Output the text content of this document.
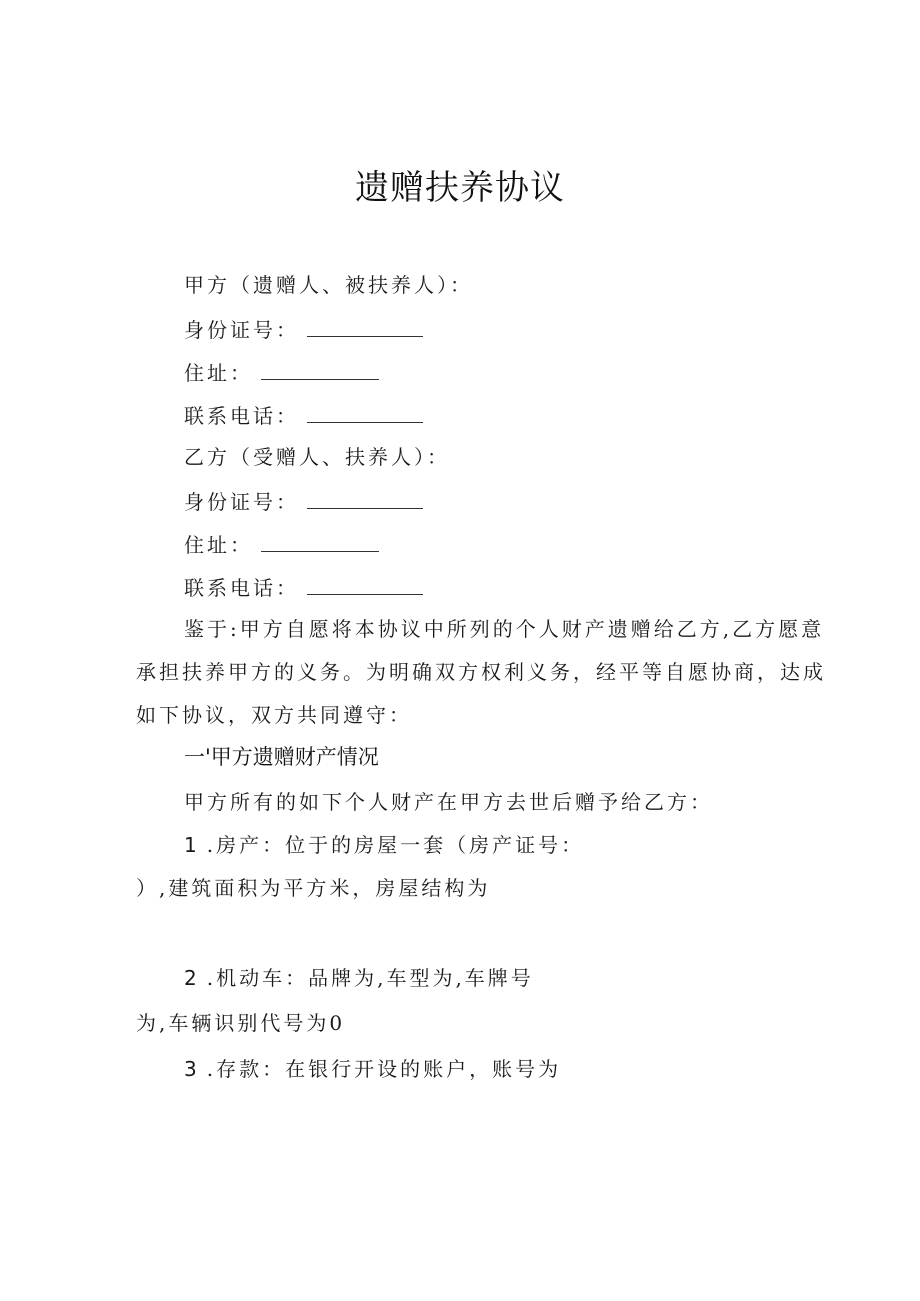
遗赠扶养协议
甲方（遗赠人、被扶养人）：
身份证号：
住址：
联系电话：
乙方（受赠人、扶养人）：
身份证号：
住址：
联系电话：
鉴于:甲方自愿将本协议中所列的个人财产遗赠给乙方,乙方愿意
承担扶养甲方的义务。为明确双方权利义务，经平等自愿协商，达成
如下协议，双方共同遵守：
一'甲方遗赠财产情况
甲方所有的如下个人财产在甲方去世后赠予给乙方：
1 .房产：位于的房屋一套（房产证号：
）,建筑面积为平方米，房屋结构为
2 .机动车：品牌为,车型为,车牌号
为,车辆识别代号为0
3 .存款：在银行开设的账户，账号为
